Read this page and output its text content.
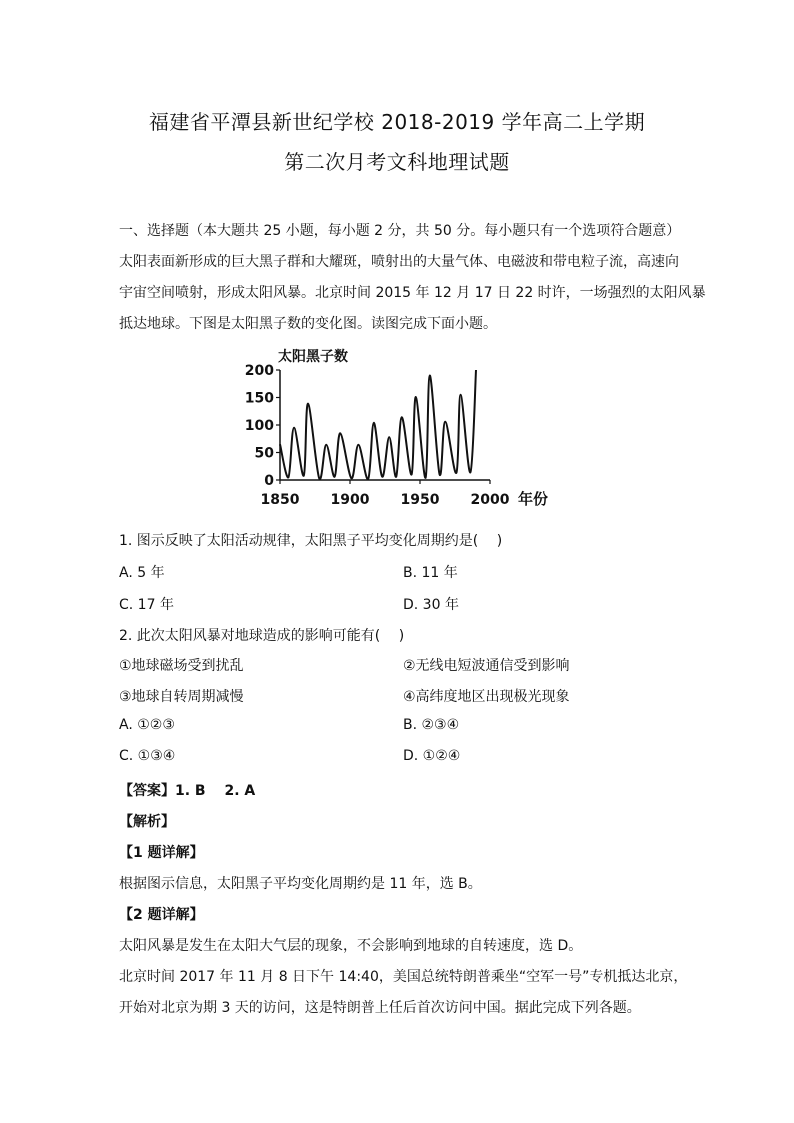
福建省平潭县新世纪学校 2018-2019 学年高二上学期
第二次月考文科地理试题
一、选择题（本大题共 25 小题，每小题 2 分，共 50 分。每小题只有一个选项符合题意）
太阳表面新形成的巨大黑子群和大耀斑，喷射出的大量气体、电磁波和带电粒子流，高速向
宇宙空间喷射，形成太阳风暴。北京时间 2015 年 12 月 17 日 22 时许，一场强烈的太阳风暴
抵达地球。下图是太阳黑子数的变化图。读图完成下面小题。
太阳黑子数
200
150
100
50
0
1850 1900 1950 2000 年份
1. 图示反映了太阳活动规律，太阳黑子平均变化周期约是(　 )
A. 5 年	B. 11 年
C. 17 年	D. 30 年
2. 此次太阳风暴对地球造成的影响可能有(　 )
①地球磁场受到扰乱	②无线电短波通信受到影响
③地球自转周期减慢	④高纬度地区出现极光现象
A. ①②③	B. ②③④
C. ①③④	D. ①②④
【答案】1. B　 2. A
【解析】
【1 题详解】
根据图示信息，太阳黑子平均变化周期约是 11 年，选 B。
【2 题详解】
太阳风暴是发生在太阳大气层的现象，不会影响到地球的自转速度，选 D。
北京时间 2017 年 11 月 8 日下午 14:40，美国总统特朗普乘坐“空军一号”专机抵达北京，
开始对北京为期 3 天的访问，这是特朗普上任后首次访问中国。据此完成下列各题。
